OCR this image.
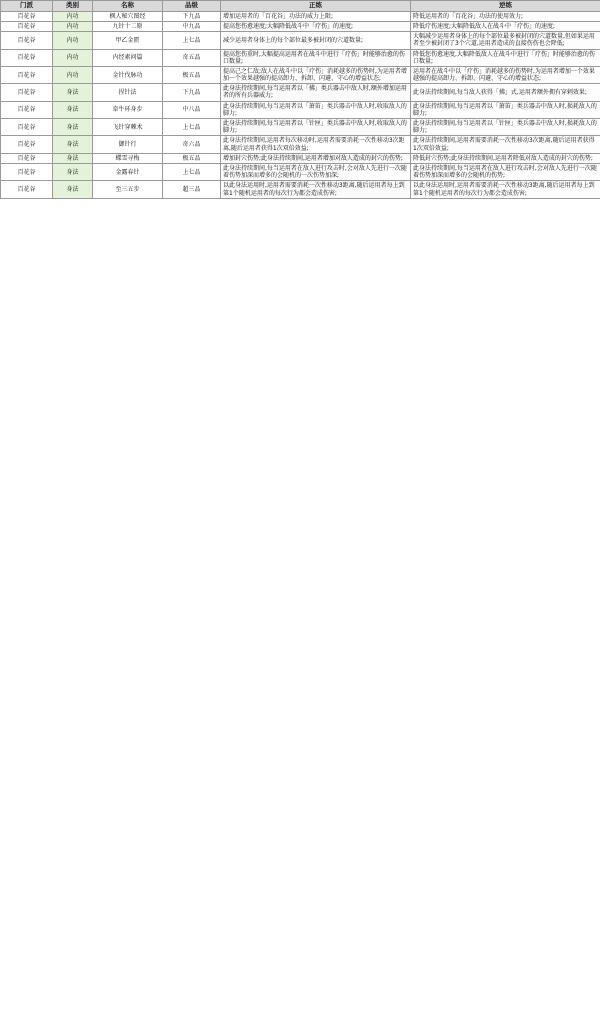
门派	类别	名称	品级	正练	逆练
百花谷	内功	枫人秘穴图经	下九品	增加运用者的「百花谷」功法的威力上限;	降低运用者的「百花谷」功法的使用效力;
百花谷	内功	九针十二原	中九品	提高您伤愈速度;大幅降低战斗中「疗伤」的速度;	降低疗伤速度;大幅降低敌人在战斗中「疗伤」的速度;
百花谷	内功	甲乙金匮	上七品	减少运用者身体上的每个部位最多被封闭的穴道数量;	大幅减少运用者身体上的每个部位最多被封闭的穴道数量,但如果运用者至少被封闭了3个穴道,运用者造成的直接伤伤也会降低;
百花谷	内功	内经素问篇	奇五品	提高您伤重时,大幅提高运用者在战斗中进行「疗伤」时能够治愈的伤口数量;	降低您伤愈速度,大幅降低敌人在战斗中进行「疗伤」时能够治愈的伤口数量;
百花谷	内功	金针伐脉功	极五品	提高己之仁敌;敌人在战斗中以「疗伤」消耗越多的伤势时,为运用者增加一个效果越强的提高卸力、拆卸、闪避、守心的增益状态;	运用者在战斗中以「疗伤」消耗越多的伤势时,为运用者增加一个效果越强的提高卸力、拆卸、闪避、守心的增益状态;
百花谷	身法	捏针法	下九品	此身法持续期间,每当运用者以「拂」类兵器击中敌人时,额外增加运用者的所有兵器威力;	此身法持续期间,每当敌人获得「拂」式,运用者额外拥有穿刺效果;
百花谷	身法	牵牛环身步	中八品	此身法持续期间,每当运用者以「箫笛」类兵器击中敌人时,收取敌人的脚力;	此身法持续期间,每当运用者以「箫笛」类兵器击中敌人时,损耗敌人的脚力;
百花谷	身法	飞针穿棘术	上七品	此身法持续期间,每当运用者以「针匣」类兵器击中敌人时,收取敌人的脚力;	此身法持续期间,每当运用者以「针匣」类兵器击中敌人时,损耗敌人的脚力;
百花谷	身法	御针行	奇六品	此身法持续期间,运用者每次移动时,运用者需要消耗一次性移动3次距离,随后运用者获得1次双倍效益;	此身法持续期间,运用者需要消耗一次性移动3次距离,随后运用者获得1次双倍效益;
百花谷	身法	蝶雪寻梅	极五品	增加封穴伤势;此身法持续期间,运用者增加对敌人造成的封穴的伤势;	降低封穴伤势;此身法持续期间,运用者降低对敌人造成的封穴的伤势;
百花谷	身法	金露春针	上七品	此身法持续期间,每当运用者在敌人进行攻击时,会对敌人先进行一次随着伤势加深而增多的会随机的一次伤势加深;	此身法持续期间,每当运用者在敌人进行攻击时,会对敌人先进行一次随着伤势加深而增多的会随机的伤势;
百花谷	身法	至三五步	超三品	以此身法运用时,运用者需要消耗一次性移动3距离,随后运用者每上到第1个随机运用者的每次行为都会造成伤害;	以此身法运用时,运用者需要消耗一次性移动3距离,随后运用者每上到第1个随机运用者的每次行为都会造成伤害;
